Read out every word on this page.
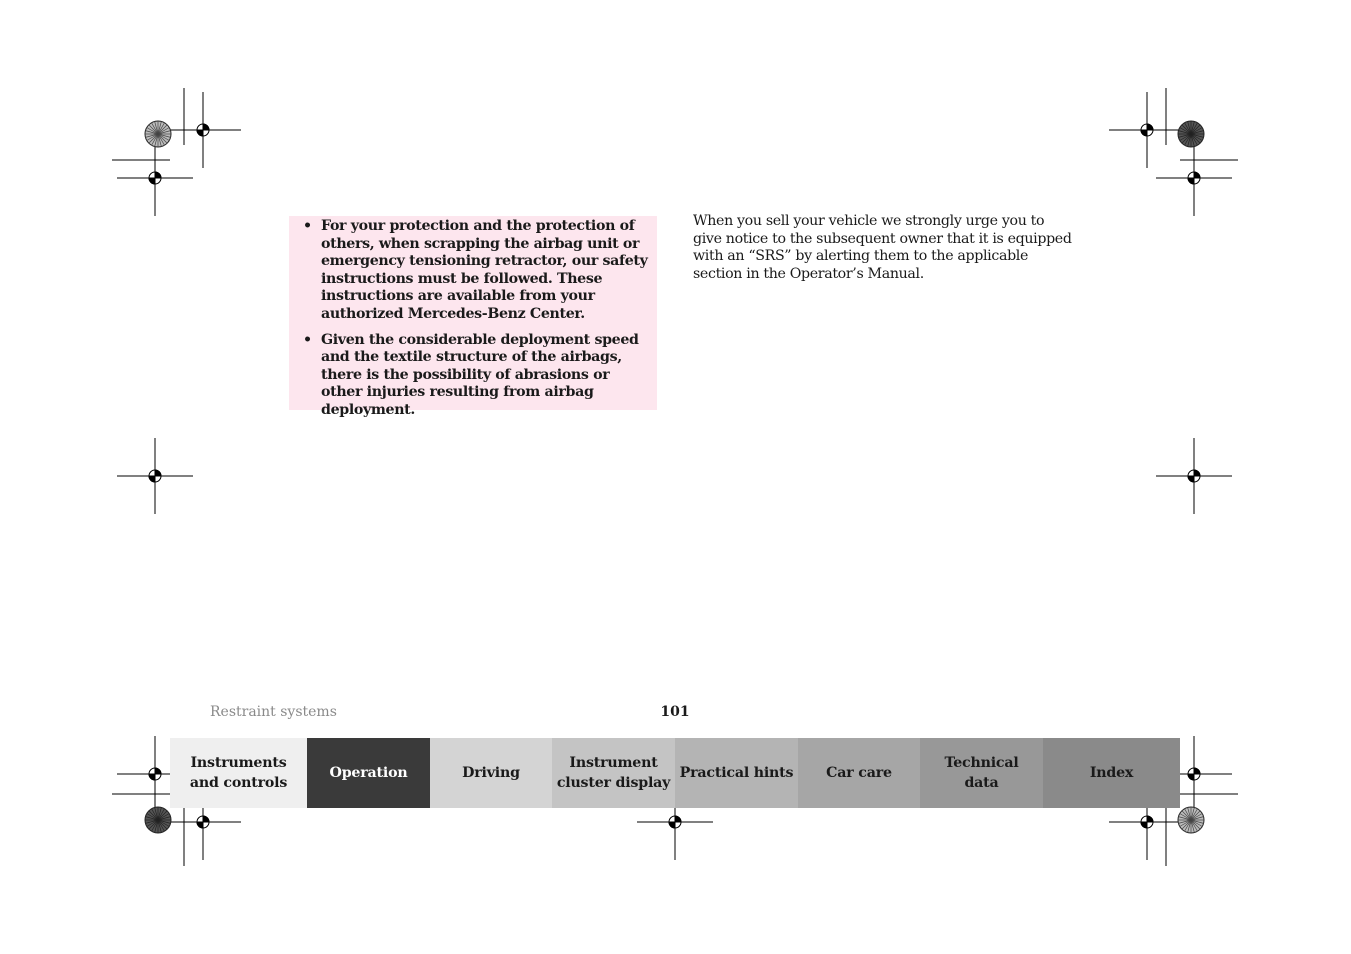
• For your protection and the protection of others, when scrapping the airbag unit or emergency tensioning retractor, our safety instructions must be followed. These instructions are available from your authorized Mercedes-Benz Center.
• Given the considerable deployment speed and the textile structure of the airbags, there is the possibility of abrasions or other injuries resulting from airbag deployment.

When you sell your vehicle we strongly urge you to give notice to the subsequent owner that it is equipped with an “SRS” by alerting them to the applicable section in the Operator’s Manual.

Restraint systems	101
Instruments
and controls
Operation	Driving
Instrument
cluster display
Practical hints	Car care
Technical
data
Index
